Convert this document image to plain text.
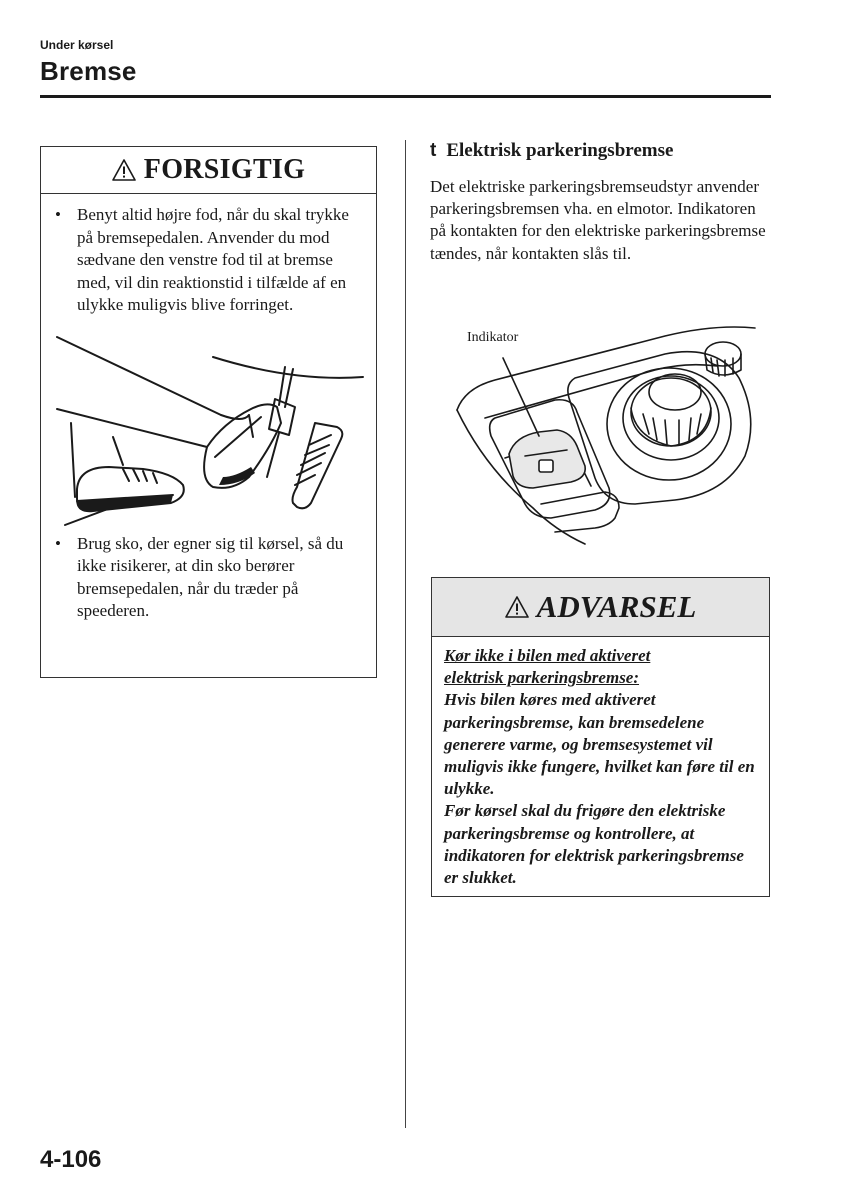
Under kørsel
Bremse
FORSIGTIG
• Benyt altid højre fod, når du skal trykke på bremsepedalen. Anvender du mod sædvane den venstre fod til at bremse med, vil din reaktionstid i tilfælde af en ulykke muligvis blive forringet.
• Brug sko, der egner sig til kørsel, så du ikke risikerer, at din sko berører bremsepedalen, når du træder på speederen.
t Elektrisk parkeringsbremse
Det elektriske parkeringsbremseudstyr anvender parkeringsbremsen vha. en elmotor. Indikatoren på kontakten for den elektriske parkeringsbremse tændes, når kontakten slås til.
Indikator
ADVARSEL
Kør ikke i bilen med aktiveret
elektrisk parkeringsbremse:
Hvis bilen køres med aktiveret parkeringsbremse, kan bremsedelene generere varme, og bremsesystemet vil muligvis ikke fungere, hvilket kan føre til en ulykke.
Før kørsel skal du frigøre den elektriske parkeringsbremse og kontrollere, at indikatoren for elektrisk parkeringsbremse er slukket.
4-106
